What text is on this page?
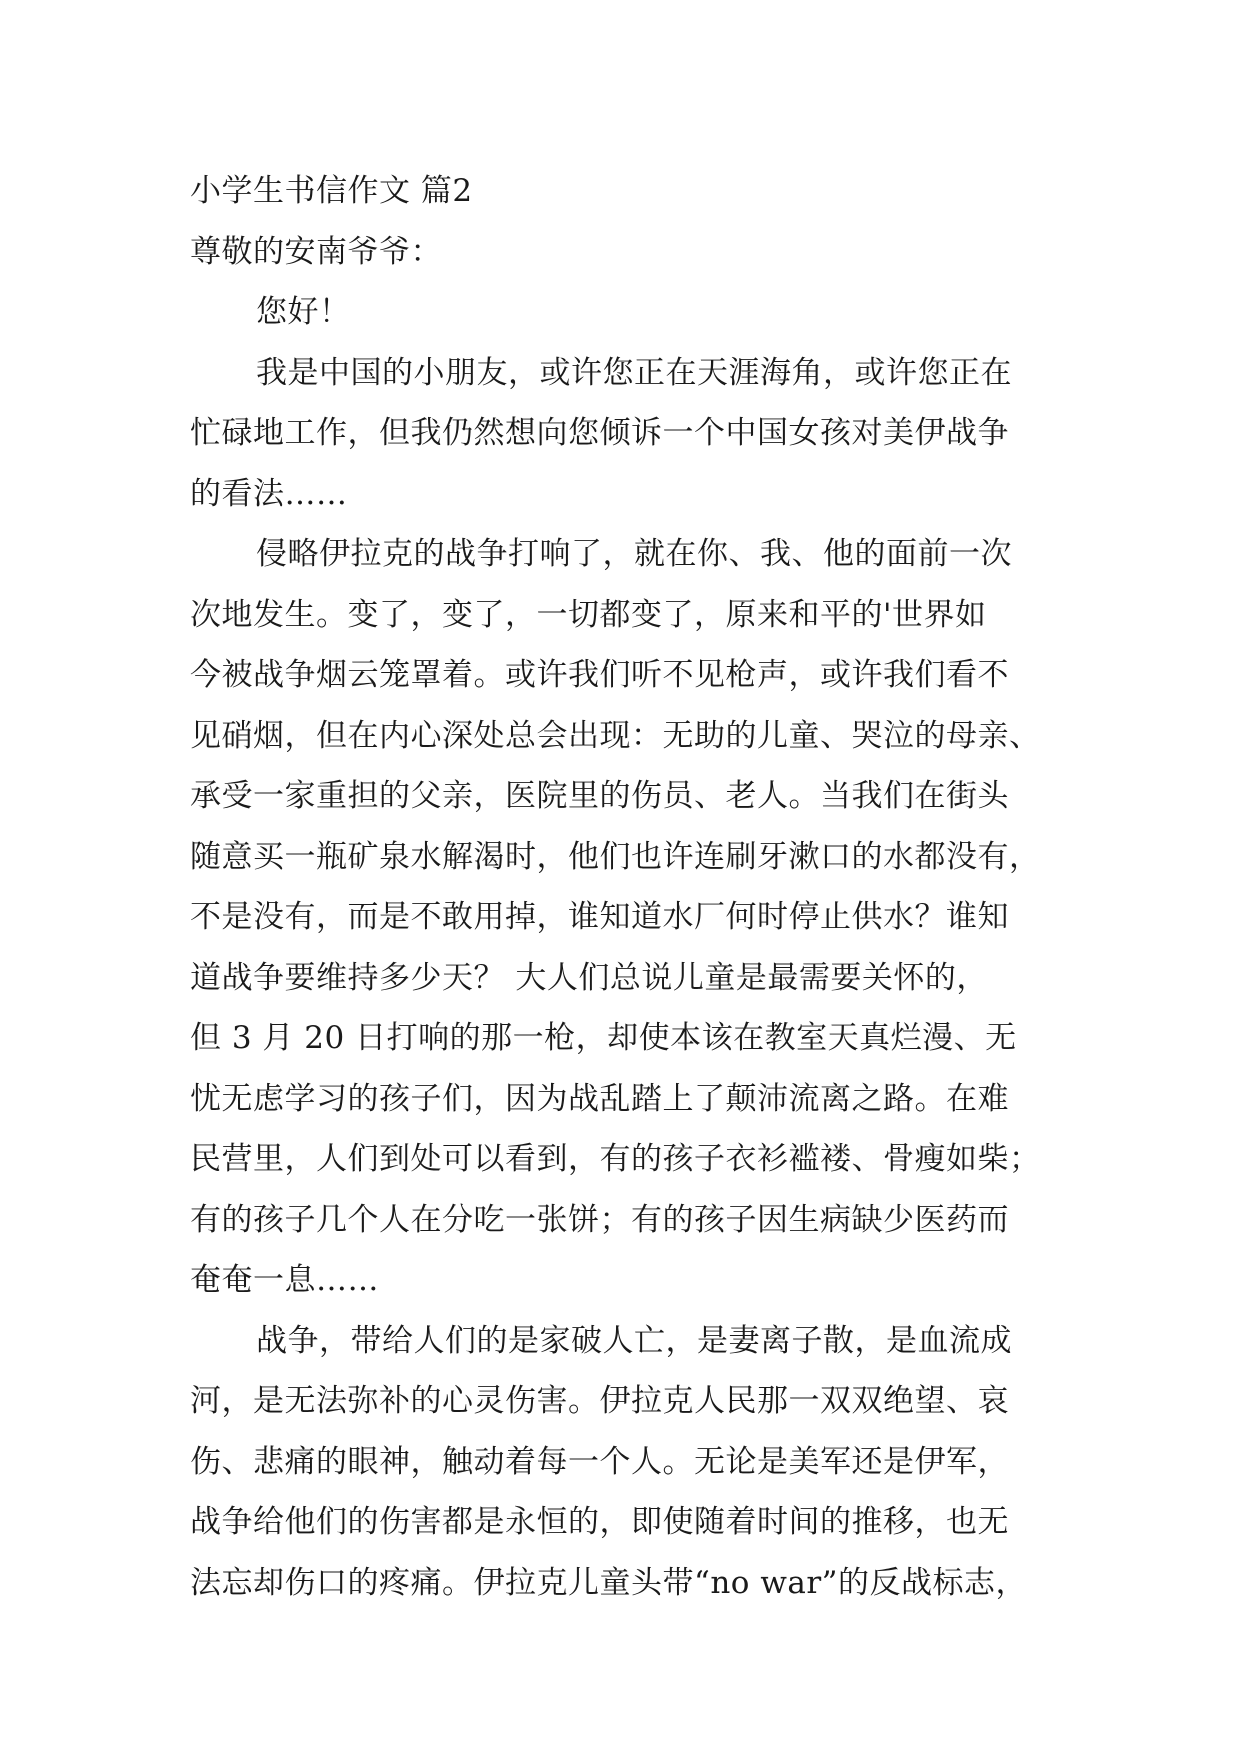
小学生书信作文 篇2
尊敬的安南爷爷：
您好！
我是中国的小朋友，或许您正在天涯海角，或许您正在
忙碌地工作，但我仍然想向您倾诉一个中国女孩对美伊战争
的看法……
侵略伊拉克的战争打响了，就在你、我、他的面前一次
次地发生。变了，变了，一切都变了，原来和平的'世界如
今被战争烟云笼罩着。或许我们听不见枪声，或许我们看不
见硝烟，但在内心深处总会出现：无助的儿童、哭泣的母亲、
承受一家重担的父亲，医院里的伤员、老人。当我们在街头
随意买一瓶矿泉水解渴时，他们也许连刷牙漱口的水都没有，
不是没有，而是不敢用掉，谁知道水厂何时停止供水？谁知
道战争要维持多少天？ 大人们总说儿童是最需要关怀的，
但 3 月 20 日打响的那一枪，却使本该在教室天真烂漫、无
忧无虑学习的孩子们，因为战乱踏上了颠沛流离之路。在难
民营里，人们到处可以看到，有的孩子衣衫褴褛、骨瘦如柴；
有的孩子几个人在分吃一张饼；有的孩子因生病缺少医药而
奄奄一息……
战争，带给人们的是家破人亡，是妻离子散，是血流成
河，是无法弥补的心灵伤害。伊拉克人民那一双双绝望、哀
伤、悲痛的眼神，触动着每一个人。无论是美军还是伊军，
战争给他们的伤害都是永恒的，即使随着时间的推移，也无
法忘却伤口的疼痛。伊拉克儿童头带“no war”的反战标志，
